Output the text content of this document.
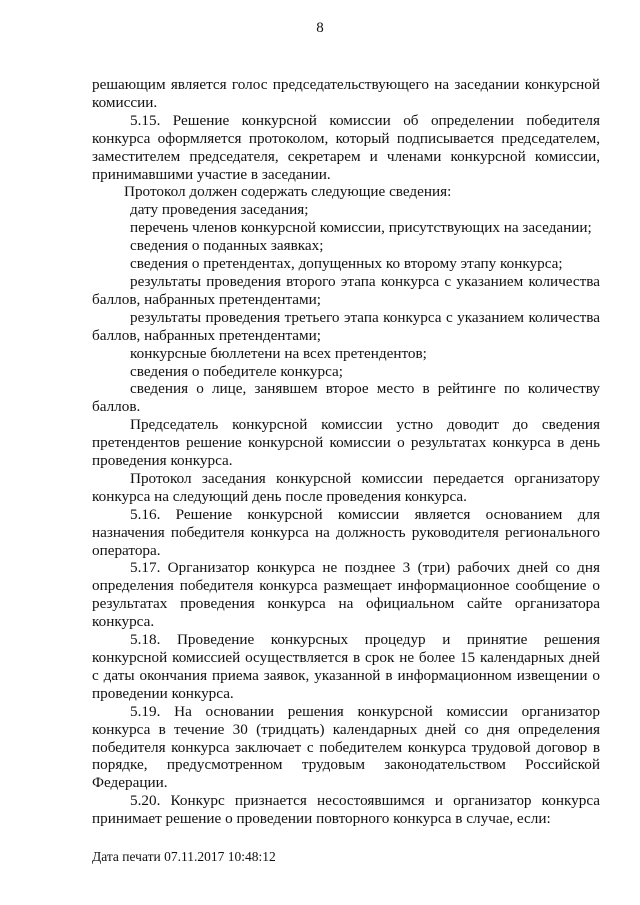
8

решающим является голос председательствующего на заседании конкурсной комиссии.

5.15. Решение конкурсной комиссии об определении победителя конкурса оформляется протоколом, который подписывается председателем, заместителем председателя, секретарем и членами конкурсной комиссии, принимавшими участие в заседании.

Протокол должен содержать следующие сведения:

дату проведения заседания;

перечень членов конкурсной комиссии, присутствующих на заседании;

сведения о поданных заявках;

сведения о претендентах, допущенных ко второму этапу конкурса;

результаты проведения второго этапа конкурса с указанием количества баллов, набранных претендентами;

результаты проведения третьего этапа конкурса с указанием количества баллов, набранных претендентами;

конкурсные бюллетени на всех претендентов;

сведения о победителе конкурса;

сведения о лице, занявшем второе место в рейтинге по количеству баллов.

Председатель конкурсной комиссии устно доводит до сведения претендентов решение конкурсной комиссии о результатах конкурса в день проведения конкурса.

Протокол заседания конкурсной комиссии передается организатору конкурса на следующий день после проведения конкурса.

5.16. Решение конкурсной комиссии является основанием для назначения победителя конкурса на должность руководителя регионального оператора.

5.17. Организатор конкурса не позднее 3 (три) рабочих дней со дня определения победителя конкурса размещает информационное сообщение о результатах проведения конкурса на официальном сайте организатора конкурса.

5.18. Проведение конкурсных процедур и принятие решения конкурсной комиссией осуществляется в срок не более 15 календарных дней с даты окончания приема заявок, указанной в информационном извещении о проведении конкурса.

5.19. На основании решения конкурсной комиссии организатор конкурса в течение 30 (тридцать) календарных дней со дня определения победителя конкурса заключает с победителем конкурса трудовой договор в порядке, предусмотренном трудовым законодательством Российской Федерации.

5.20. Конкурс признается несостоявшимся и организатор конкурса принимает решение о проведении повторного конкурса в случае, если:

Дата печати 07.11.2017 10:48:12
